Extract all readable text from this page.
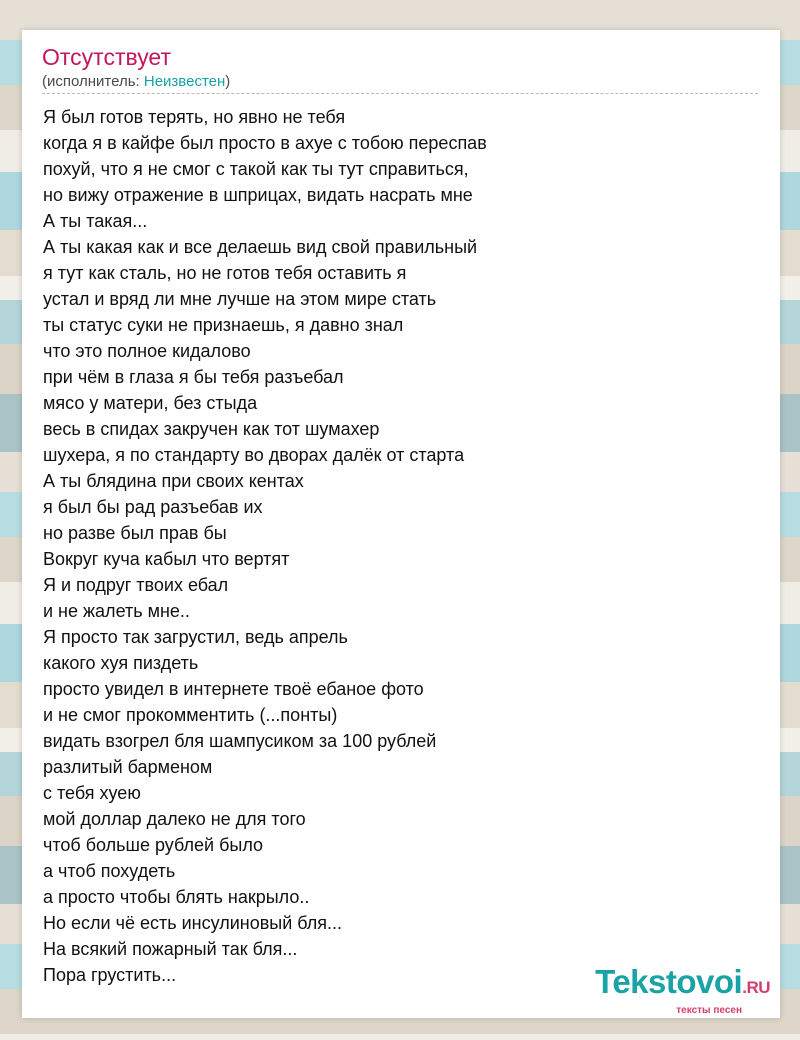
Отсутствует
(исполнитель: Неизвестен)
Я был готов терять, но явно не тебя
когда я в кайфе был просто в ахуе с тобою переспав
похуй, что я не смог с такой как ты тут справиться,
но вижу отражение в шприцах, видать насрать мне
А ты такая...
А ты какая как и все делаешь вид свой правильный
я тут как сталь, но не готов тебя оставить я
устал и вряд ли мне лучше на этом мире стать
ты статус суки не признаешь, я давно знал
что это полное кидалово
при чём в глаза я бы тебя разъебал
мясо у матери, без стыда
весь в спидах закручен как тот шумахер
шухера, я по стандарту во дворах далёк от старта
А ты блядина при своих кентах
я был бы рад разъебав их
но разве был прав бы
Вокруг куча кабыл что вертят
Я и подруг твоих ебал
и не жалеть мне..
Я просто так загрустил, ведь апрель
какого хуя пиздеть
просто увидел в интернете твоё ебаное фото
и не смог прокомментить (...понты)
видать взогрел бля шампусиком за 100 рублей
разлитый барменом
с тебя хуею
мой доллар далеко не для того
чтоб больше рублей было
а чтоб похудеть
а просто чтобы блять накрыло..
Но если чё есть инсулиновый бля...
На всякий пожарный так бля...
Пора грустить...	Tekstovoi.RU
тексты песен
